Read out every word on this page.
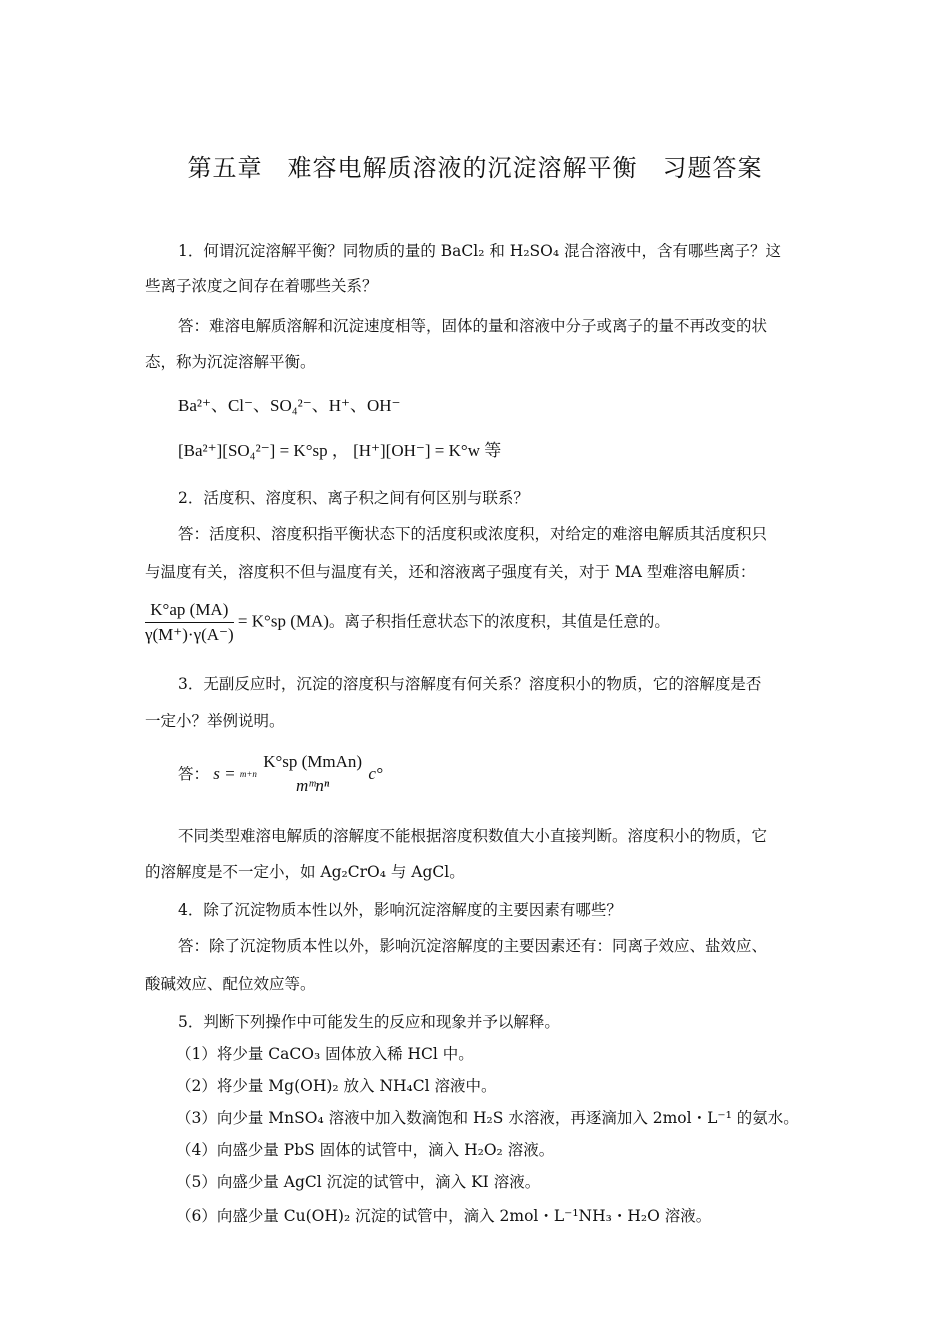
第五章　难容电解质溶液的沉淀溶解平衡　习题答案
1．何谓沉淀溶解平衡？同物质的量的 BaCl₂ 和 H₂SO₄ 混合溶液中，含有哪些离子？这
些离子浓度之间存在着哪些关系？
答：难溶电解质溶解和沉淀速度相等，固体的量和溶液中分子或离子的量不再改变的状
态，称为沉淀溶解平衡。
Ba²⁺、Cl⁻、SO₄²⁻、H⁺、OH⁻
[Ba²⁺][SO₄²⁻] = K°sp ， [H⁺][OH⁻] = K°w 等
2．活度积、溶度积、离子积之间有何区别与联系？
答：活度积、溶度积指平衡状态下的活度积或浓度积，对给定的难溶电解质其活度积只
与温度有关，溶度积不但与温度有关，还和溶液离子强度有关，对于 MA 型难溶电解质：
$\frac{K^\circ ap (MA)}{\gamma(M^+)\cdot\gamma(A^-)} = K^\circ sp$ (MA)。离子积指任意状态下的浓度积，其值是任意的。
3．无副反应时，沉淀的溶度积与溶解度有何关系？溶度积小的物质，它的溶解度是否
一定小？举例说明。
答： s = m+n
K°sp (MmAn)
mᵐnⁿ
c°
不同类型难溶电解质的溶解度不能根据溶度积数值大小直接判断。溶度积小的物质，它
的溶解度是不一定小，如 Ag₂CrO₄ 与 AgCl。
4．除了沉淀物质本性以外，影响沉淀溶解度的主要因素有哪些？
答：除了沉淀物质本性以外，影响沉淀溶解度的主要因素还有：同离子效应、盐效应、
酸碱效应、配位效应等。
5．判断下列操作中可能发生的反应和现象并予以解释。
（1）将少量 CaCO₃ 固体放入稀 HCl 中。
（2）将少量 Mg(OH)₂ 放入 NH₄Cl 溶液中。
（3）向少量 MnSO₄ 溶液中加入数滴饱和 H₂S 水溶液，再逐滴加入 2mol・L⁻¹ 的氨水。
（4）向盛少量 PbS 固体的试管中，滴入 H₂O₂ 溶液。
（5）向盛少量 AgCl 沉淀的试管中，滴入 KI 溶液。
（6）向盛少量 Cu(OH)₂ 沉淀的试管中，滴入 2mol・L⁻¹NH₃・H₂O 溶液。
